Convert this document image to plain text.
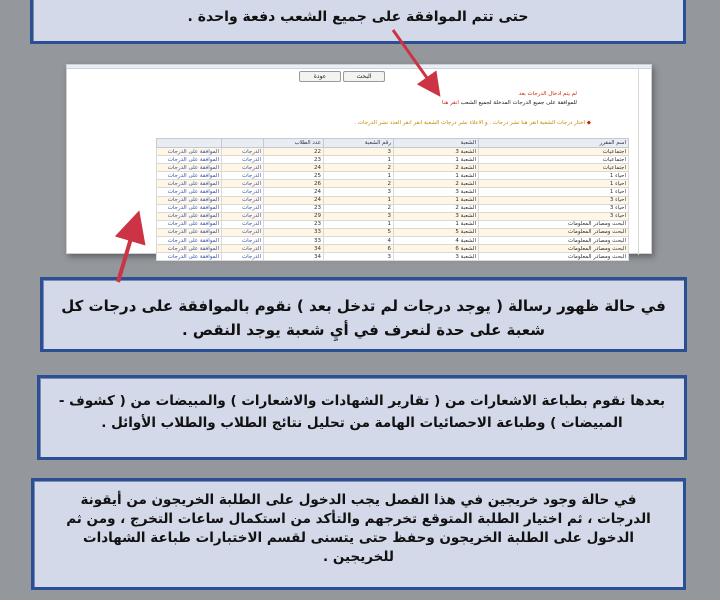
حتى تتم الموافقة على جميع الشعب دفعة واحدة .
عودة	البحث
لم يتم ادخال الدرجات بعد
للموافقة على جميع الدرجات المدخلة لجميع الشعب انقر هنا
◆ اختار درجات الشعبة انقر هنا نشر درجات . و الاعلاء نشر درجات الشعبة انقر انقر العدد نشر الدرجات .
اسم المقرر	الشعبة	رقم الشعبة	عدد الطلاب		
اجتماعيات	الشعبة 3	3	22	الدرجات	الموافقة على الدرجات
اجتماعيات	الشعبة 1	1	23	الدرجات	الموافقة على الدرجات
اجتماعيات	الشعبة 2	2	24	الدرجات	الموافقة على الدرجات
احياء 1	الشعبة 1	1	25	الدرجات	الموافقة على الدرجات
احياء 1	الشعبة 2	2	26	الدرجات	الموافقة على الدرجات
احياء 1	الشعبة 3	3	24	الدرجات	الموافقة على الدرجات
احياء 3	الشعبة 1	1	24	الدرجات	الموافقة على الدرجات
احياء 3	الشعبة 2	2	23	الدرجات	الموافقة على الدرجات
احياء 3	الشعبة 3	3	29	الدرجات	الموافقة على الدرجات
البحث ومصادر المعلومات	الشعبة 1	1	23	الدرجات	الموافقة على الدرجات
البحث ومصادر المعلومات	الشعبة 5	5	33	الدرجات	الموافقة على الدرجات
البحث ومصادر المعلومات	الشعبة 4	4	33	الدرجات	الموافقة على الدرجات
البحث ومصادر المعلومات	الشعبة 6	6	34	الدرجات	الموافقة على الدرجات
البحث ومصادر المعلومات	الشعبة 3	3	34	الدرجات	الموافقة على الدرجات
في حالة ظهور رسالة ( يوجد درجات لم تدخل بعد ) نقوم بالموافقة على درجات كل شعبة على حدة لنعرف في أيِ شعبة يوجد النقص .
بعدها نقوم بطباعة الاشعارات من ( تقارير الشهادات والاشعارات ) والمبيضات من ( كشوف - المبيضات ) وطباعة الاحصائيات الهامة من تحليل نتائج الطلاب والطلاب الأوائل .
في حالة وجود خريجين في هذا الفصل يجب الدخول على الطلبة الخريجون من أيقونة الدرجات ، ثم اختيار الطلبة المتوقع تخرجهم والتأكد من استكمال ساعات التخرج ، ومن ثم الدخول على الطلبة الخريجون وحفظ حتى يتسنى لقسم الاختبارات طباعة الشهادات للخريجين .
